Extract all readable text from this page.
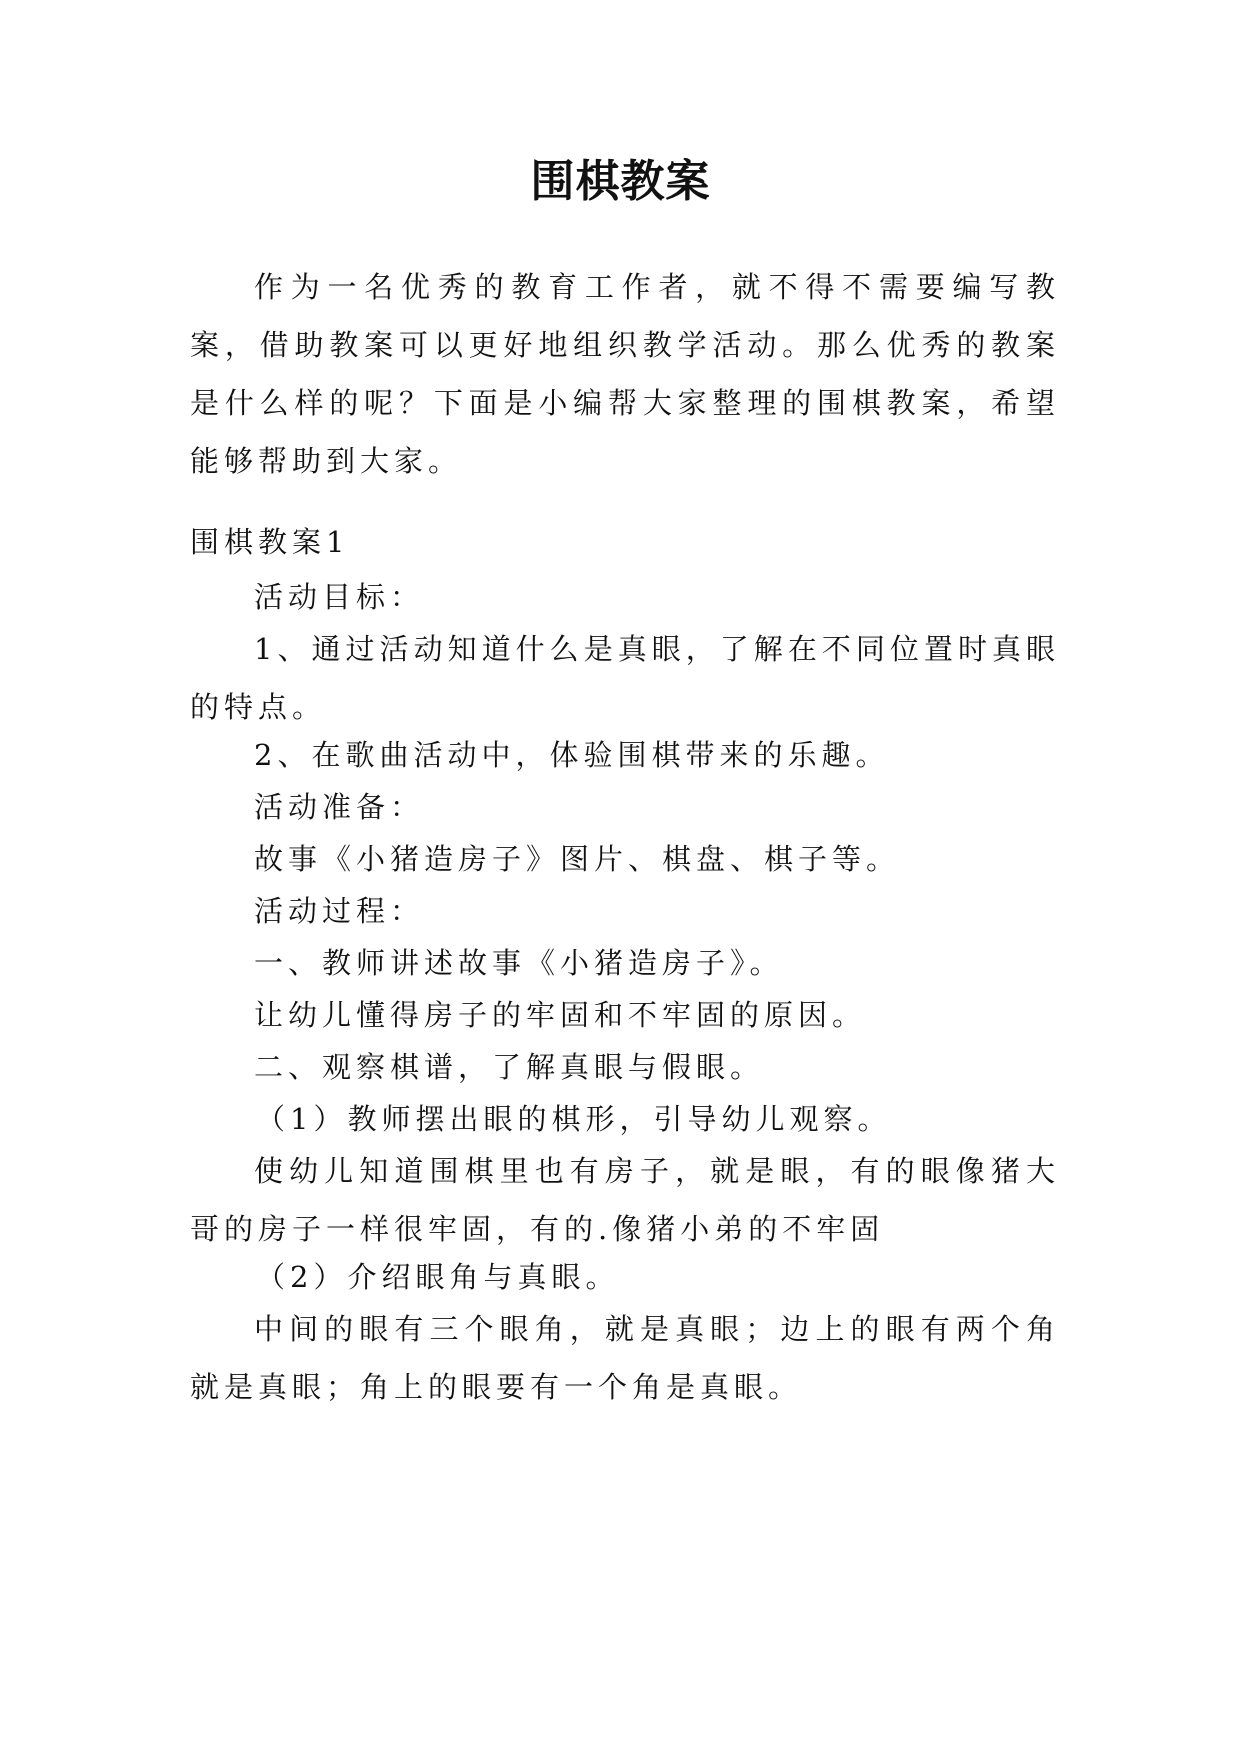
围棋教案

作为一名优秀的教育工作者，就不得不需要编写教案，借助教案可以更好地组织教学活动。那么优秀的教案是什么样的呢？下面是小编帮大家整理的围棋教案，希望能够帮助到大家。

围棋教案1

活动目标：

1、通过活动知道什么是真眼，了解在不同位置时真眼的特点。

2、在歌曲活动中，体验围棋带来的乐趣。

活动准备：

故事《小猪造房子》图片、棋盘、棋子等。

活动过程：

一、教师讲述故事《小猪造房子》。

让幼儿懂得房子的牢固和不牢固的原因。

二、观察棋谱，了解真眼与假眼。

（1）教师摆出眼的棋形，引导幼儿观察。

使幼儿知道围棋里也有房子，就是眼，有的眼像猪大哥的房子一样很牢固，有的.像猪小弟的不牢固

（2）介绍眼角与真眼。

中间的眼有三个眼角，就是真眼；边上的眼有两个角就是真眼；角上的眼要有一个角是真眼。
